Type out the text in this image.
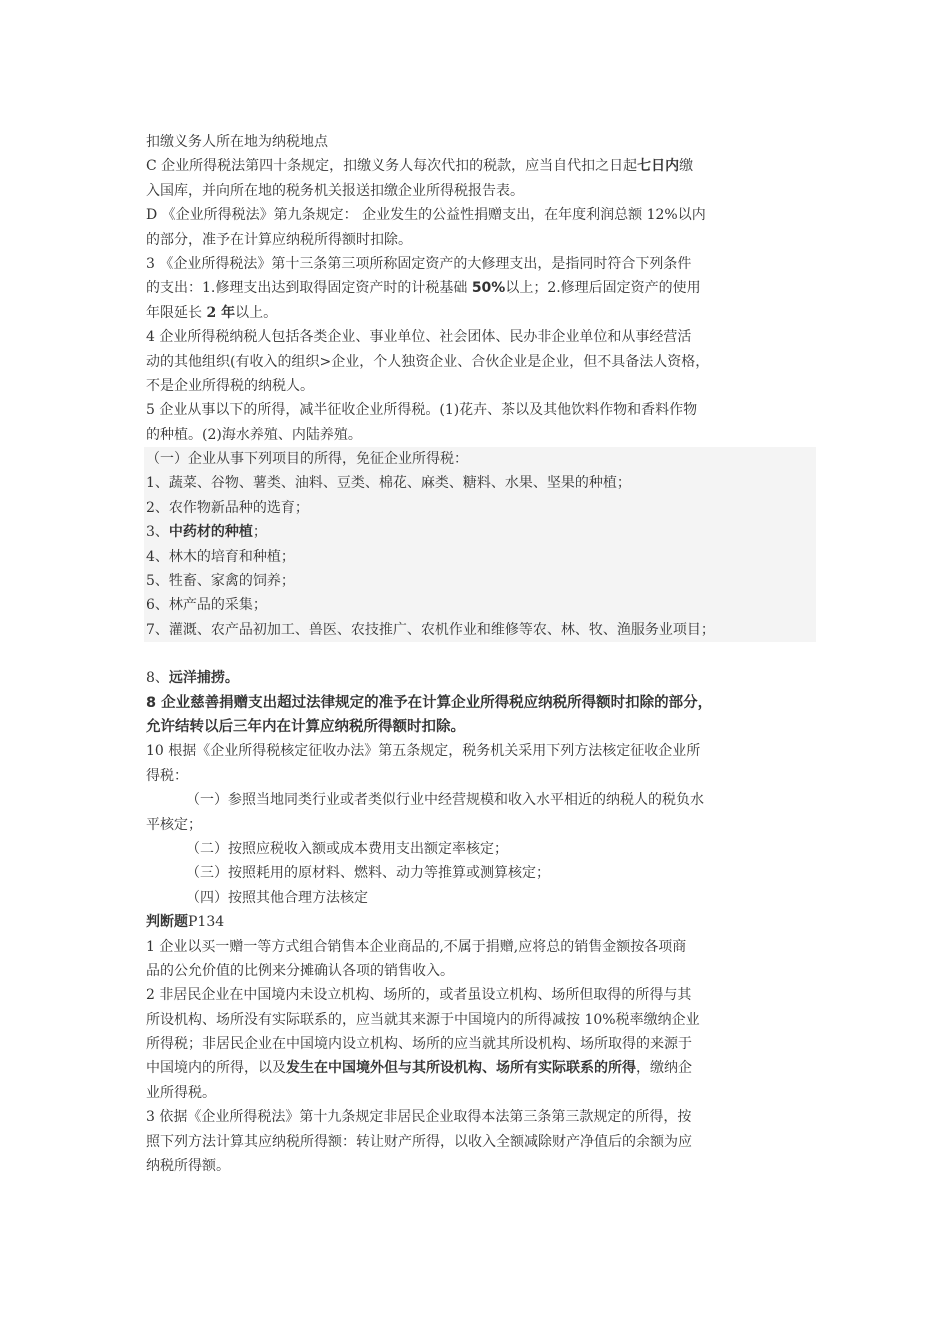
扣缴义务人所在地为纳税地点
C 企业所得税法第四十条规定，扣缴义务人每次代扣的税款，应当自代扣之日起七日内缴
入国库，并向所在地的税务机关报送扣缴企业所得税报告表。
D 《企业所得税法》第九条规定： 企业发生的公益性捐赠支出，在年度利润总额 12%以内
的部分，准予在计算应纳税所得额时扣除。
3 《企业所得税法》第十三条第三项所称固定资产的大修理支出，是指同时符合下列条件
的支出：1.修理支出达到取得固定资产时的计税基础 50%以上；2.修理后固定资产的使用
年限延长 2 年以上。
4 企业所得税纳税人包括各类企业、事业单位、社会团体、民办非企业单位和从事经营活
动的其他组织(有收入的组织>企业，个人独资企业、合伙企业是企业，但不具备法人资格，
不是企业所得税的纳税人。
5 企业从事以下的所得，减半征收企业所得税。(1)花卉、茶以及其他饮料作物和香料作物
的种植。(2)海水养殖、内陆养殖。
（一）企业从事下列项目的所得，免征企业所得税：
1、蔬菜、谷物、薯类、油料、豆类、棉花、麻类、糖料、水果、坚果的种植；
2、农作物新品种的选育；
3、中药材的种植；
4、林木的培育和种植；
5、牲畜、家禽的饲养；
6、林产品的采集；
7、灌溉、农产品初加工、兽医、农技推广、农机作业和维修等农、林、牧、渔服务业项目；
8、远洋捕捞。
8 企业慈善捐赠支出超过法律规定的准予在计算企业所得税应纳税所得额时扣除的部分，
允许结转以后三年内在计算应纳税所得额时扣除。
10 根据《企业所得税核定征收办法》第五条规定，税务机关采用下列方法核定征收企业所
得税：
（一）参照当地同类行业或者类似行业中经营规模和收入水平相近的纳税人的税负水
平核定；
（二）按照应税收入额或成本费用支出额定率核定；
（三）按照耗用的原材料、燃料、动力等推算或测算核定；
（四）按照其他合理方法核定
判断题P134
1 企业以买一赠一等方式组合销售本企业商品的,不属于捐赠,应将总的销售金额按各项商
品的公允价值的比例来分摊确认各项的销售收入。
2 非居民企业在中国境内未设立机构、场所的，或者虽设立机构、场所但取得的所得与其
所设机构、场所没有实际联系的，应当就其来源于中国境内的所得减按 10%税率缴纳企业
所得税；非居民企业在中国境内设立机构、场所的应当就其所设机构、场所取得的来源于
中国境内的所得，以及发生在中国境外但与其所设机构、场所有实际联系的所得，缴纳企
业所得税。
3 依据《企业所得税法》第十九条规定非居民企业取得本法第三条第三款规定的所得，按
照下列方法计算其应纳税所得额：转让财产所得，以收入全额减除财产净值后的余额为应
纳税所得额。
